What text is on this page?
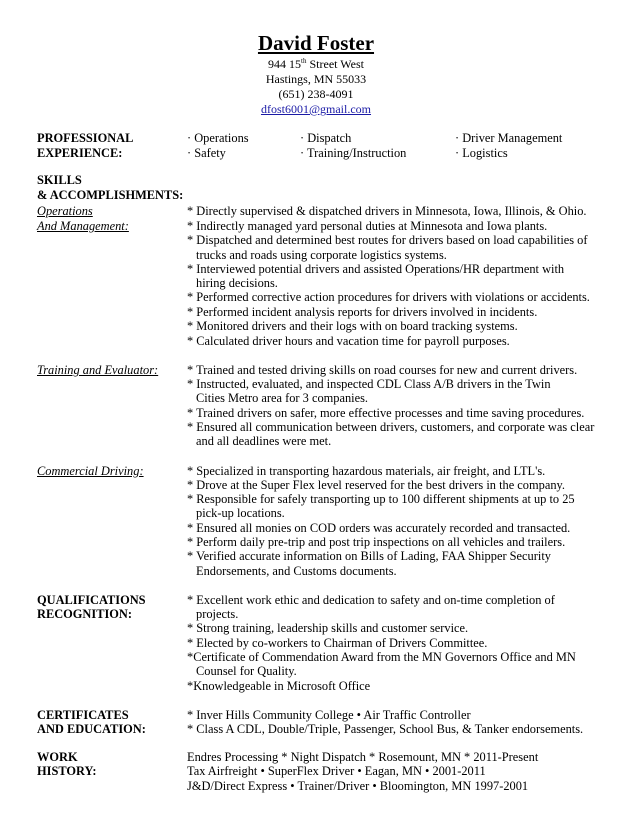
David Foster
944 15th Street West
Hastings, MN 55033
(651) 238-4091
dfost6001@gmail.com
PROFESSIONAL
EXPERIENCE:
· Operations	· Dispatch	· Driver Management
· Safety	· Training/Instruction	· Logistics
SKILLS
& ACCOMPLISHMENTS:
Operations
And Management:
* Directly supervised & dispatched drivers in Minnesota, Iowa, Illinois, & Ohio.
* Indirectly managed yard personal duties at Minnesota and Iowa plants.
* Dispatched and determined best routes for drivers based on load capabilities of
trucks and roads using corporate logistics systems.
* Interviewed potential drivers and assisted Operations/HR department with
hiring decisions.
* Performed corrective action procedures for drivers with violations or accidents.
* Performed incident analysis reports for drivers involved in incidents.
* Monitored drivers and their logs with on board tracking systems.
* Calculated driver hours and vacation time for payroll purposes.
Training and Evaluator: * Trained and tested driving skills on road courses for new and current drivers.
* Instructed, evaluated, and inspected CDL Class A/B drivers in the Twin
Cities Metro area for 3 companies.
* Trained drivers on safer, more effective processes and time saving procedures.
* Ensured all communication between drivers, customers, and corporate was clear
and all deadlines were met.
Commercial Driving:	* Specialized in transporting hazardous materials, air freight, and LTL's.
* Drove at the Super Flex level reserved for the best drivers in the company.
* Responsible for safely transporting up to 100 different shipments at up to 25
pick-up locations.
* Ensured all monies on COD orders was accurately recorded and transacted.
* Perform daily pre-trip and post trip inspections on all vehicles and trailers.
* Verified accurate information on Bills of Lading, FAA Shipper Security
Endorsements, and Customs documents.
QUALIFICATIONS
RECOGNITION:
* Excellent work ethic and dedication to safety and on-time completion of
projects.
* Strong training, leadership skills and customer service.
* Elected by co-workers to Chairman of Drivers Committee.
*Certificate of Commendation Award from the MN Governors Office and MN
Counsel for Quality.
*Knowledgeable in Microsoft Office
CERTIFICATES
AND EDUCATION:
* Inver Hills Community College • Air Traffic Controller
* Class A CDL, Double/Triple, Passenger, School Bus, & Tanker endorsements.
WORK
HISTORY:
Endres Processing * Night Dispatch * Rosemount, MN * 2011-Present
Tax Airfreight • SuperFlex Driver • Eagan, MN • 2001-2011
J&D/Direct Express • Trainer/Driver • Bloomington, MN 1997-2001
